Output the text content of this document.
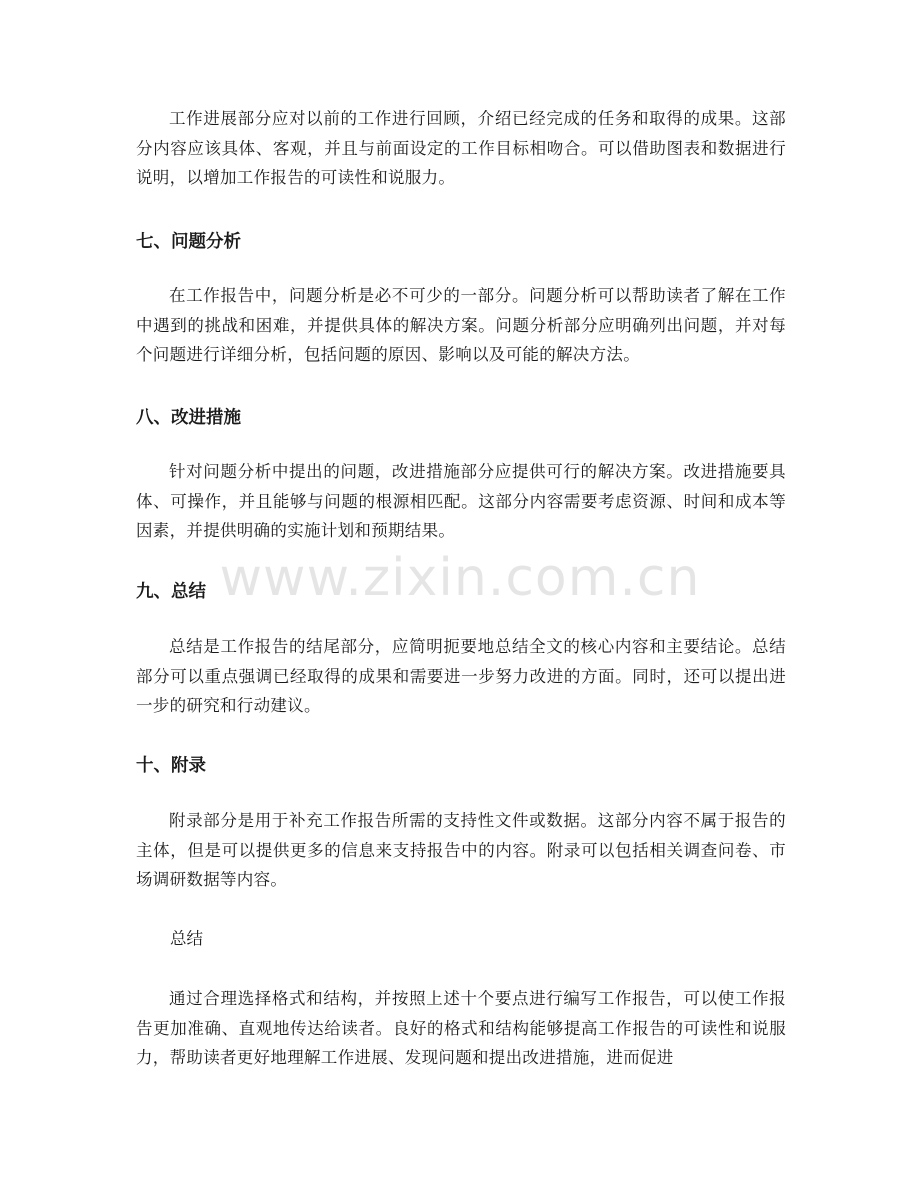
工作进展部分应对以前的工作进行回顾，介绍已经完成的任务和取得的成果。这部分内容应该具体、客观，并且与前面设定的工作目标相吻合。可以借助图表和数据进行说明，以增加工作报告的可读性和说服力。

七、问题分析

在工作报告中，问题分析是必不可少的一部分。问题分析可以帮助读者了解在工作中遇到的挑战和困难，并提供具体的解决方案。问题分析部分应明确列出问题，并对每个问题进行详细分析，包括问题的原因、影响以及可能的解决方法。

八、改进措施

针对问题分析中提出的问题，改进措施部分应提供可行的解决方案。改进措施要具体、可操作，并且能够与问题的根源相匹配。这部分内容需要考虑资源、时间和成本等因素，并提供明确的实施计划和预期结果。

九、总结

总结是工作报告的结尾部分，应简明扼要地总结全文的核心内容和主要结论。总结部分可以重点强调已经取得的成果和需要进一步努力改进的方面。同时，还可以提出进一步的研究和行动建议。

十、附录

附录部分是用于补充工作报告所需的支持性文件或数据。这部分内容不属于报告的主体，但是可以提供更多的信息来支持报告中的内容。附录可以包括相关调查问卷、市场调研数据等内容。

总结

通过合理选择格式和结构，并按照上述十个要点进行编写工作报告，可以使工作报告更加准确、直观地传达给读者。良好的格式和结构能够提高工作报告的可读性和说服力，帮助读者更好地理解工作进展、发现问题和提出改进措施，进而促进

www.zixin.com.cn
